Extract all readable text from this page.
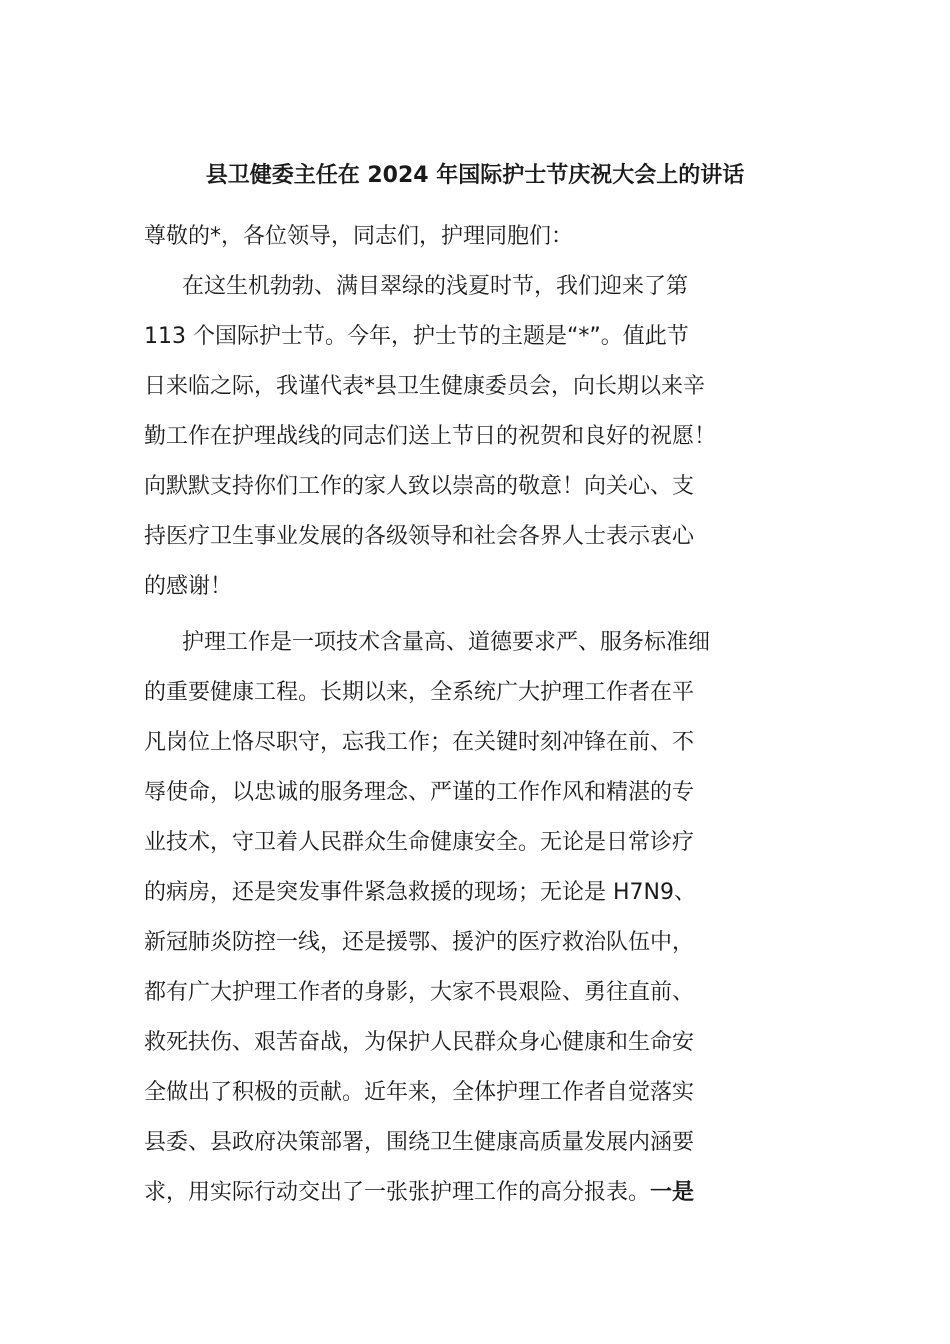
县卫健委主任在 2024 年国际护士节庆祝大会上的讲话
尊敬的*，各位领导，同志们，护理同胞们：
在这生机勃勃、满目翠绿的浅夏时节，我们迎来了第
113 个国际护士节。今年，护士节的主题是“*”。值此节
日来临之际，我谨代表*县卫生健康委员会，向长期以来辛
勤工作在护理战线的同志们送上节日的祝贺和良好的祝愿！
向默默支持你们工作的家人致以崇高的敬意！向关心、支
持医疗卫生事业发展的各级领导和社会各界人士表示衷心
的感谢！
护理工作是一项技术含量高、道德要求严、服务标准细
的重要健康工程。长期以来，全系统广大护理工作者在平
凡岗位上恪尽职守，忘我工作；在关键时刻冲锋在前、不
辱使命，以忠诚的服务理念、严谨的工作作风和精湛的专
业技术，守卫着人民群众生命健康安全。无论是日常诊疗
的病房，还是突发事件紧急救援的现场；无论是 H7N9、
新冠肺炎防控一线，还是援鄂、援沪的医疗救治队伍中，
都有广大护理工作者的身影，大家不畏艰险、勇往直前、
救死扶伤、艰苦奋战，为保护人民群众身心健康和生命安
全做出了积极的贡献。近年来，全体护理工作者自觉落实
县委、县政府决策部署，围绕卫生健康高质量发展内涵要
求，用实际行动交出了一张张护理工作的高分报表。一是
